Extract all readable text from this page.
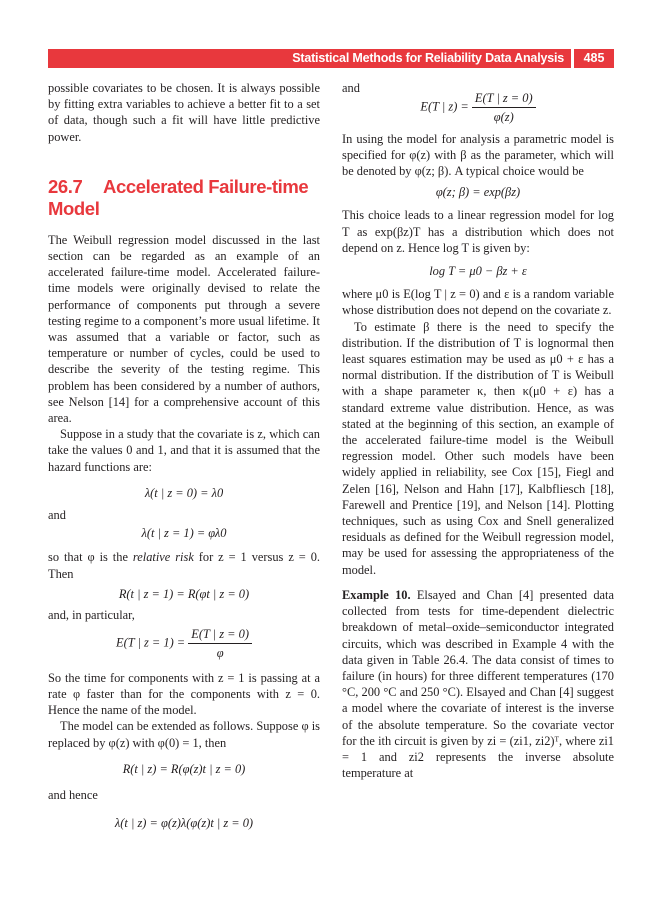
Statistical Methods for Reliability Data Analysis	485

possible covariates to be chosen. It is always possible by fitting extra variables to achieve a better fit to a set of data, though such a fit will have little predictive power.

26.7 Accelerated Failure-time
Model

The Weibull regression model discussed in the last section can be regarded as an example of an accelerated failure-time model. Accelerated failure-time models were originally devised to relate the performance of components put through a severe testing regime to a component’s more usual lifetime. It was assumed that a variable or factor, such as temperature or number of cycles, could be used to describe the severity of the testing regime. This problem has been considered by a number of authors, see Nelson [14] for a comprehensive account of this area.

Suppose in a study that the covariate is z, which can take the values 0 and 1, and that it is assumed that the hazard functions are:

λ(t | z = 0) = λ0

and

λ(t | z = 1) = φλ0

so that φ is the relative risk for z = 1 versus z = 0. Then

R(t | z = 1) = R(φt | z = 0)

and, in particular,

E(T | $z = 1) = \frac{E(T | z = 0)}{\varphi}$

So the time for components with z = 1 is passing at a rate φ faster than for the components with z = 0. Hence the name of the model.

The model can be extended as follows. Suppose φ is replaced by φ(z) with φ(0) = 1, then

R(t | z) = R(φ(z)t | z = 0)

and hence

λ(t | z) = φ(z)λ(φ(z)t | z = 0)

and

E(T | $z) = \frac{E(T | z = 0)}{\varphi(z)}$

In using the model for analysis a parametric model is specified for φ(z) with β as the parameter, which will be denoted by φ(z; β). A typical choice would be

φ(z; β) = exp(βz)

This choice leads to a linear regression model for log T as exp(βz)T has a distribution which does not depend on z. Hence log T is given by:

log T = μ0 − βz + ε

where μ0 is E(log T | z = 0) and ε is a random variable whose distribution does not depend on the covariate z.

To estimate β there is the need to specify the distribution. If the distribution of T is lognormal then least squares estimation may be used as μ0 + ε has a normal distribution. If the distribution of T is Weibull with a shape parameter κ, then κ(μ0 + ε) has a standard extreme value distribution. Hence, as was stated at the beginning of this section, an example of the accelerated failure-time model is the Weibull regression model. Other such models have been widely applied in reliability, see Cox [15], Fiegl and Zelen [16], Nelson and Hahn [17], Kalbfliesch [18], Farewell and Prentice [19], and Nelson [14]. Plotting techniques, such as using Cox and Snell generalized residuals as defined for the Weibull regression model, may be used for assessing the appropriateness of the model.

Example 10. Elsayed and Chan [4] presented data collected from tests for time-dependent dielectric breakdown of metal–oxide–semiconductor integrated circuits, which was described in Example 4 with the data given in Table 26.4. The data consist of times to failure (in hours) for three different temperatures (170 °C, 200 °C and 250 °C). Elsayed and Chan [4] suggest a model where the covariate of interest is the inverse of the absolute temperature. So the covariate vector for the ith circuit is given by zi = (zi1, zi2)ᵀ, where zi1 = 1 and zi2 represents the inverse absolute temperature at
